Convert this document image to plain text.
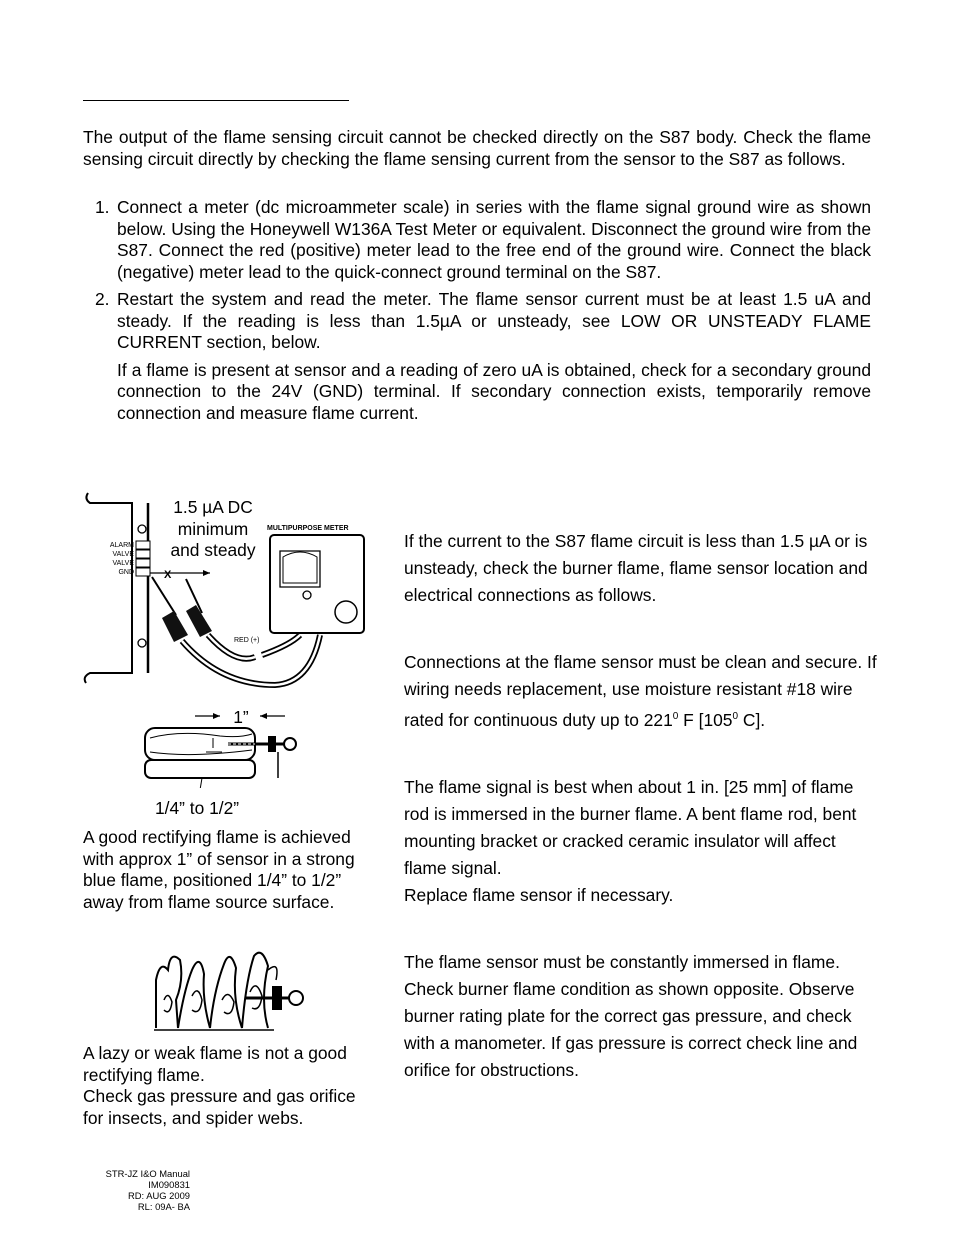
The output of the flame sensing circuit cannot be checked directly on the S87 body. Check the flame sensing circuit directly by checking the flame sensing current from the sensor to the S87 as follows.
1. Connect a meter (dc microammeter scale) in series with the flame signal ground wire as shown below. Using the Honeywell W136A Test Meter or equivalent. Disconnect the ground wire from the S87. Connect the red (positive) meter lead to the free end of the ground wire. Connect the black (negative) meter lead to the quick-connect ground terminal on the S87.

2. Restart the system and read the meter. The flame sensor current must be at least 1.5 uA and steady. If the reading is less than 1.5µA or unsteady, see LOW OR UNSTEADY FLAME CURRENT section, below.

If a flame is present at sensor and a reading of zero uA is obtained, check for a secondary ground connection to the 24V (GND) terminal. If secondary connection exists, temporarily remove connection and measure flame current.

ALARM
VALVE
VALVE
GND	X
RED (+)
MULTIPURPOSE METER
1.5 µA DC
minimum
and steady
1”
1/4” to 1/2”
A good rectifying flame is achieved with approx 1” of sensor in a strong blue flame, positioned 1/4” to 1/2” away from flame source surface.
A lazy or weak flame is not a good rectifying flame.
Check gas pressure and gas orifice for insects, and spider webs.

If the current to the S87 flame circuit is less than 1.5 µA or is unsteady, check the burner flame, flame sensor location and electrical connections as follows.

Connections at the flame sensor must be clean and secure. If wiring needs replacement, use moisture resistant #18 wire rated for continuous duty up to $221^0$ F [$105^0$ C].

The flame signal is best when about 1 in. [25 mm] of flame rod is immersed in the burner flame. A bent flame rod, bent mounting bracket or cracked ceramic insulator will affect flame signal.

Replace flame sensor if necessary.

The flame sensor must be constantly immersed in flame. Check burner flame condition as shown opposite. Observe burner rating plate for the correct gas pressure, and check with a manometer. If gas pressure is correct check line and orifice for obstructions.

STR-JZ I&O Manual
IM090831
RD: AUG 2009
RL: 09A- BA
